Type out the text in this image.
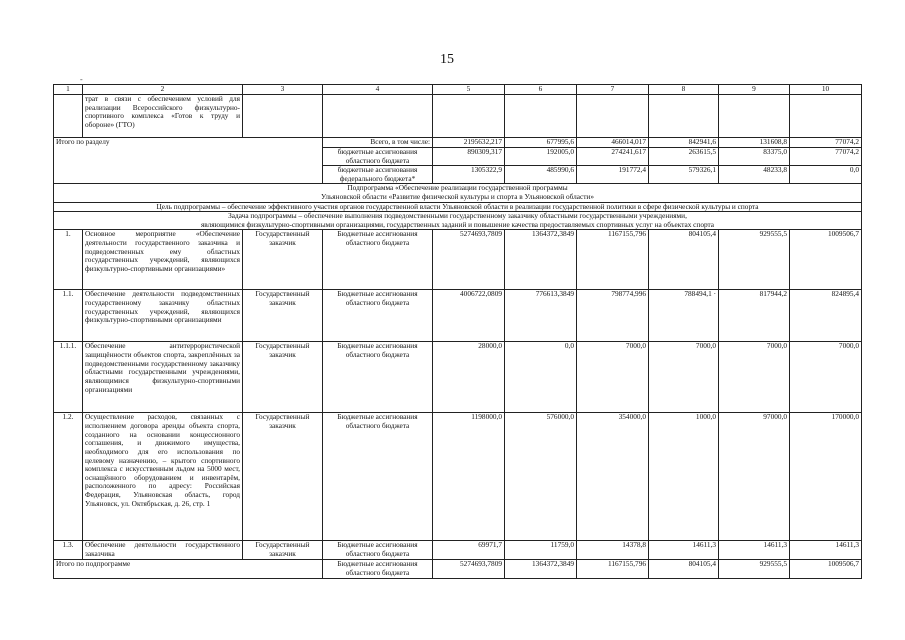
15
-
1	2	3	4	5	6	7	8	9	10
	трат в связи с обеспечением условий для реализации Всероссийского физкультурно-спортивного комплекса «Готов к труду и обороне» (ГТО)								
Итого по разделу			Всего, в том числе:	2195632,217	677995,6	466014,017	842941,6	131608,8	77074,2
			бюджетные ассигнования областного бюджета	890309,317	192005,0	274241,617	263615,5	83375,0	77074,2
			бюджетные ассигнования федерального бюджета*	1305322,9	485990,6	191772,4	579326,1	48233,8	0,0

Подпрограмма «Обеспечение реализации государственной программы
Ульяновской области «Развитие физической культуры и спорта в Ульяновской области»									

Цель подпрограммы – обеспечение эффективного участия органов государственной власти Ульяновской области в реализации государственной политики в сфере физической культуры и спорта									

Задача подпрограммы – обеспечение выполнения подведомственными государственному заказчику областными государственными учреждениями,
являющимися физкультурно-спортивными организациями, государственных заданий и повышение качества предоставляемых спортивных услуг на объектах спорта									

1.	Основное мероприятие «Обеспечение деятельности государственного заказчика и подведомственных ему областных государственных учреждений, являющихся физкультурно-спортивными организациями»	Государственный заказчик	Бюджетные ассигнования областного бюджета	5274693,7809	1364372,3849	1167155,796	804105,4	929555,5	1009506,7
1.1.	Обеспечение деятельности подведомственных государственному заказчику областных государственных учреждений, являющихся физкультурно-спортивными организациями	Государственный заказчик	Бюджетные ассигнования областного бюджета	4006722,0809	776613,3849	798774,996	788494,1 ·	817944,2	824895,4
1.1.1.	Обеспечение антитеррористической защищённости объектов спорта, закреплённых за подведомственными государственному заказчику областными государственными учреждениями, являющимися физкультурно-спортивными организациями	Государственный заказчик	Бюджетные ассигнования областного бюджета	28000,0	0,0	7000,0	7000,0	7000,0	7000,0
1.2.	Осуществление расходов, связанных с исполнением договора аренды объекта спорта, созданного на основании концессионного соглашения, и движимого имущества, необходимого для его использования по целевому назначению, – крытого спортивного комплекса с искусственным льдом на 5000 мест, оснащённого оборудованием и инвентарём, расположенного по адресу: Российская Федерация, Ульяновская область, город Ульяновск, ул. Октябрьская, д. 26, стр. 1	Государственный заказчик	Бюджетные ассигнования областного бюджета	1198000,0	576000,0	354000,0	1000,0	97000,0	170000,0
1.3.	Обеспечение деятельности государственного заказчика	Государственный заказчик	Бюджетные ассигнования областного бюджета	69971,7	11759,0	14378,8	14611,3	14611,3	14611,3
Итого по подпрограмме			Бюджетные ассигнования областного бюджета	5274693,7809	1364372,3849	1167155,796	804105,4	929555,5	1009506,7
